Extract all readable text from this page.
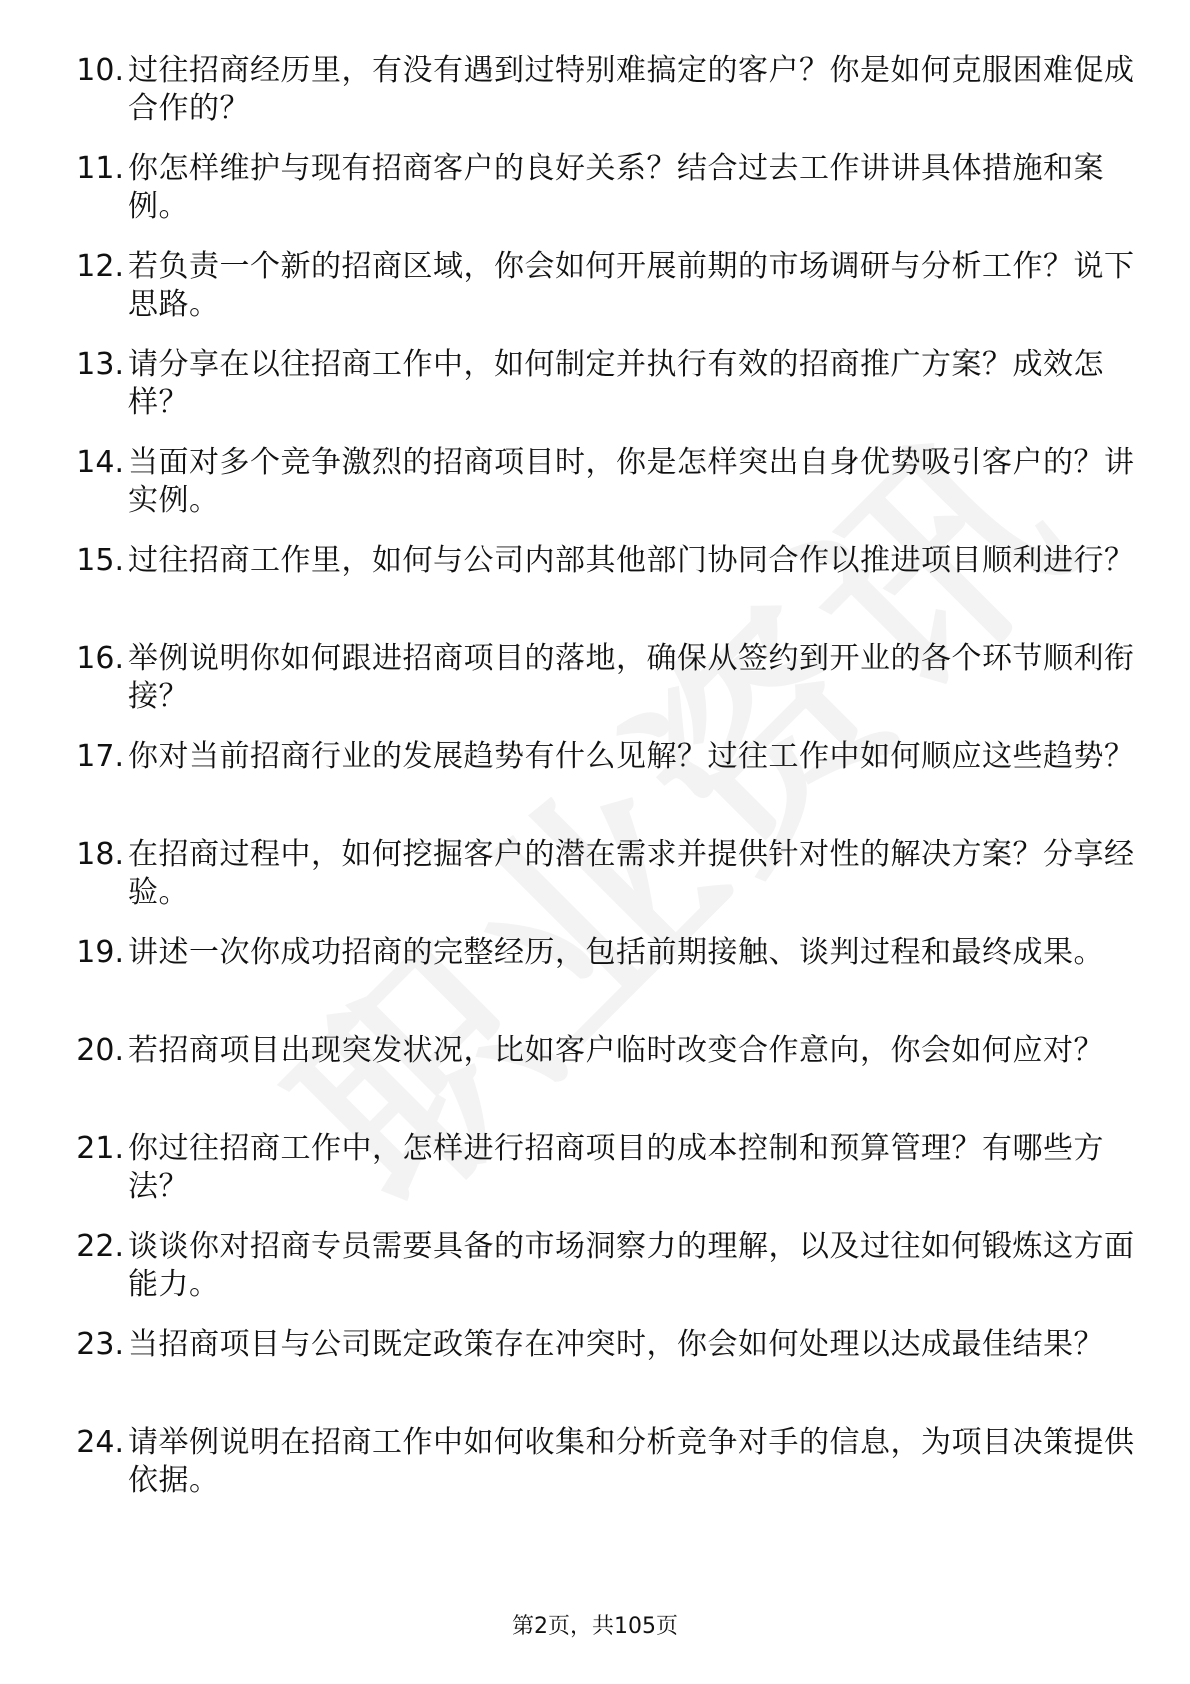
10. 过往招商经历里，有没有遇到过特别难搞定的客户？你是如何克服困难促成合作的？
11. 你怎样维护与现有招商客户的良好关系？结合过去工作讲讲具体措施和案例。
12. 若负责一个新的招商区域，你会如何开展前期的市场调研与分析工作？说下思路。
13. 请分享在以往招商工作中，如何制定并执行有效的招商推广方案？成效怎样？
14. 当面对多个竞争激烈的招商项目时，你是怎样突出自身优势吸引客户的？讲实例。
15. 过往招商工作里，如何与公司内部其他部门协同合作以推进项目顺利进行？
16. 举例说明你如何跟进招商项目的落地，确保从签约到开业的各个环节顺利衔接？
17. 你对当前招商行业的发展趋势有什么见解？过往工作中如何顺应这些趋势？
18. 在招商过程中，如何挖掘客户的潜在需求并提供针对性的解决方案？分享经验。
19. 讲述一次你成功招商的完整经历，包括前期接触、谈判过程和最终成果。
20. 若招商项目出现突发状况，比如客户临时改变合作意向，你会如何应对？
21. 你过往招商工作中，怎样进行招商项目的成本控制和预算管理？有哪些方法？
22. 谈谈你对招商专员需要具备的市场洞察力的理解，以及过往如何锻炼这方面能力。
23. 当招商项目与公司既定政策存在冲突时，你会如何处理以达成最佳结果？
24. 请举例说明在招商工作中如何收集和分析竞争对手的信息，为项目决策提供依据。
第2页，共105页
